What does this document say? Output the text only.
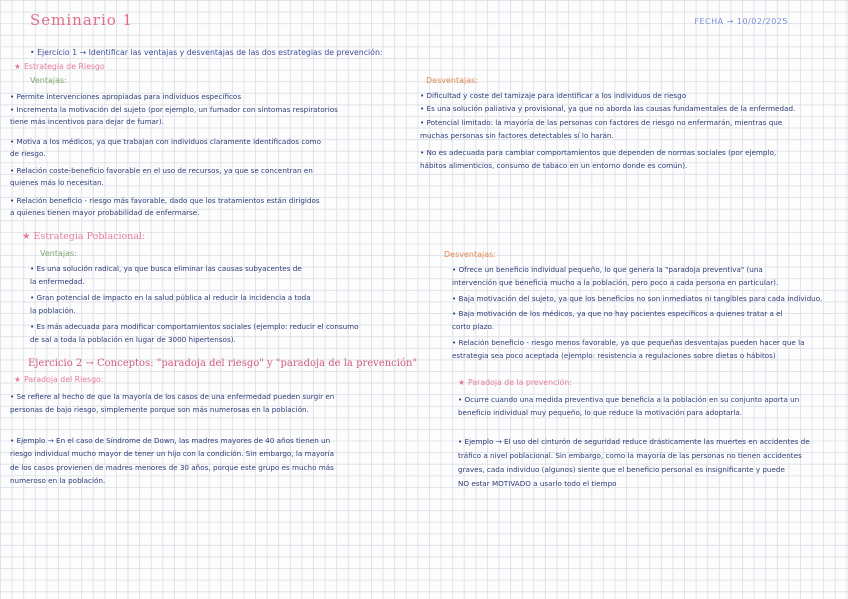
Seminario 1	FECHA → 10/02/2025
• Ejercicio 1 → Identificar las ventajas y desventajas de las dos estrategias de prevención:
★ Estrategia de Riesgo
Ventajas:
• Permite intervenciones apropiadas para individuos específicos
• Incrementa la motivación del sujeto (por ejemplo, un fumador con síntomas respiratorios
tiene más incentivos para dejar de fumar).
• Motiva a los médicos, ya que trabajan con individuos claramente identificados como
de riesgo.
• Relación coste-beneficio favorable en el uso de recursos, ya que se concentran en
quienes más lo necesitan.
• Relación beneficio - riesgo más favorable, dado que los tratamientos están dirigidos
a quienes tienen mayor probabilidad de enfermarse.
★ Estrategia Poblacional:
Ventajas:
• Es una solución radical, ya que busca eliminar las causas subyacentes de
la enfermedad.
• Gran potencial de impacto en la salud pública al reducir la incidencia a toda
la población.
• Es más adecuada para modificar comportamientos sociales (ejemplo: reducir el consumo
de sal a toda la población en lugar de 3000 hipertensos).
Ejercicio 2 → Conceptos: "paradoja del riesgo" y "paradoja de la prevención"
★ Paradoja del Riesgo:
• Se refiere al hecho de que la mayoría de los casos de una enfermedad pueden surgir en
personas de bajo riesgo, simplemente porque son más numerosas en la población.
• Ejemplo → En el caso de Síndrome de Down, las madres mayores de 40 años tienen un
riesgo individual mucho mayor de tener un hijo con la condición. Sin embargo, la mayoría
de los casos provienen de madres menores de 30 años, porque este grupo es mucho más
numeroso en la población.
Desventajas:
• Dificultad y coste del tamizaje para identificar a los individuos de riesgo
• Es una solución paliativa y provisional, ya que no aborda las causas fundamentales de la enfermedad.
• Potencial limitado: la mayoría de las personas con factores de riesgo no enfermarán, mientras que
muchas personas sin factores detectables sí lo harán.
• No es adecuada para cambiar comportamientos que dependen de normas sociales (por ejemplo,
hábitos alimenticios, consumo de tabaco en un entorno donde es común).
Desventajas:
• Ofrece un beneficio individual pequeño, lo que genera la "paradoja preventiva" (una
intervención que beneficia mucho a la población, pero poco a cada persona en particular).
• Baja motivación del sujeto, ya que los beneficios no son inmediatos ni tangibles para cada individuo.
• Baja motivación de los médicos, ya que no hay pacientes específicos a quienes tratar a el
corto plazo.
• Relación beneficio - riesgo menos favorable, ya que pequeñas desventajas pueden hacer que la
estrategia sea poco aceptada (ejemplo: resistencia a regulaciones sobre dietas o hábitos)
★ Paradoja de la prevención:
• Ocurre cuando una medida preventiva que beneficia a la población en su conjunto aporta un
beneficio individual muy pequeño, lo que reduce la motivación para adoptarla.
• Ejemplo → El uso del cinturón de seguridad reduce drásticamente las muertes en accidentes de
tráfico a nivel poblacional. Sin embargo, como la mayoría de las personas no tienen accidentes
graves, cada individuo (algunos) siente que el beneficio personal es insignificante y puede
NO estar MOTIVADO a usarlo todo el tiempo
